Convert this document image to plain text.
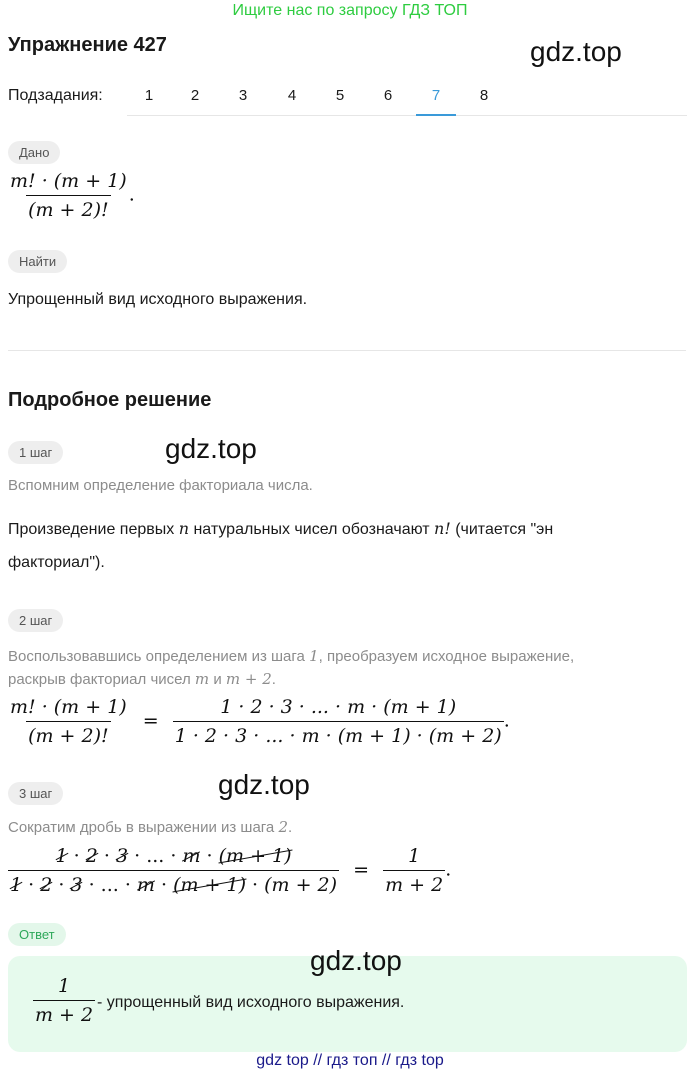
Ищите нас по запросу ГДЗ ТОП
Упражнение 427	gdz.top
Подзадания:	1	2	3	4	5	6	7	8
Дано
$\frac{m! \cdot (m + 1)}{(m + 2)!}$ .
Найти
Упрощенный вид исходного выражения.
Подробное решение
1 шаг	gdz.top
Вспомним определение факториала числа.
Произведение первых n натуральных чисел обозначают n! (читается "эн
факториал").
2 шаг
Воспользовавшись определением из шага 1, преобразуем исходное выражение,
раскрыв факториал чисел m и m + 2.
$\frac{m! \cdot (m + 1)}{(m + 2)!} = \frac{1 \cdot 2 \cdot 3 \cdot ... \cdot m \cdot (m + 1)}{1 \cdot 2 \cdot 3 \cdot ... \cdot m \cdot (m + 1) \cdot (m + 2)}$ .
3 шаг	gdz.top
Сократим дробь в выражении из шага 2.
$\frac{1 \cdot 2 \cdot 3 \cdot ... \cdot m \cdot (m + 1)}{1 \cdot 2 \cdot 3 \cdot ... \cdot m \cdot (m + 1) \cdot (m + 2)} = \frac{1}{m + 2}$ .
Ответ
gdz.top
$\frac{1}{m + 2}$ - упрощенный вид исходного выражения.
gdz top // гдз топ // гдз top
